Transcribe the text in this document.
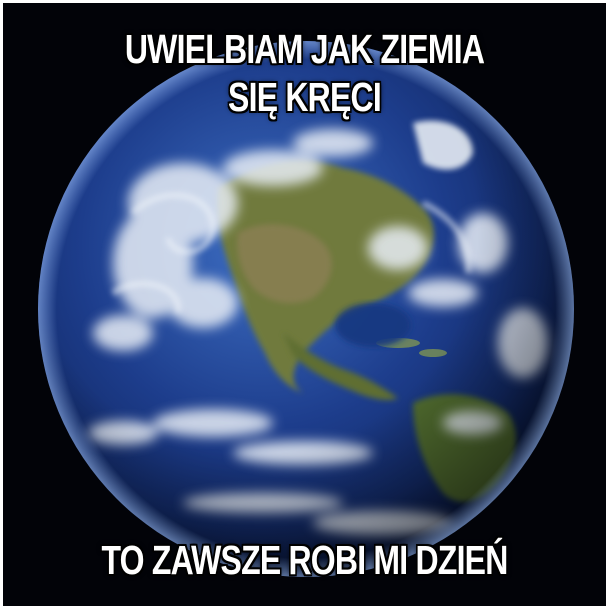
UWIELBIAM JAK ZIEMIA
SIĘ KRĘCI
TO ZAWSZE ROBI MI DZIEŃ
